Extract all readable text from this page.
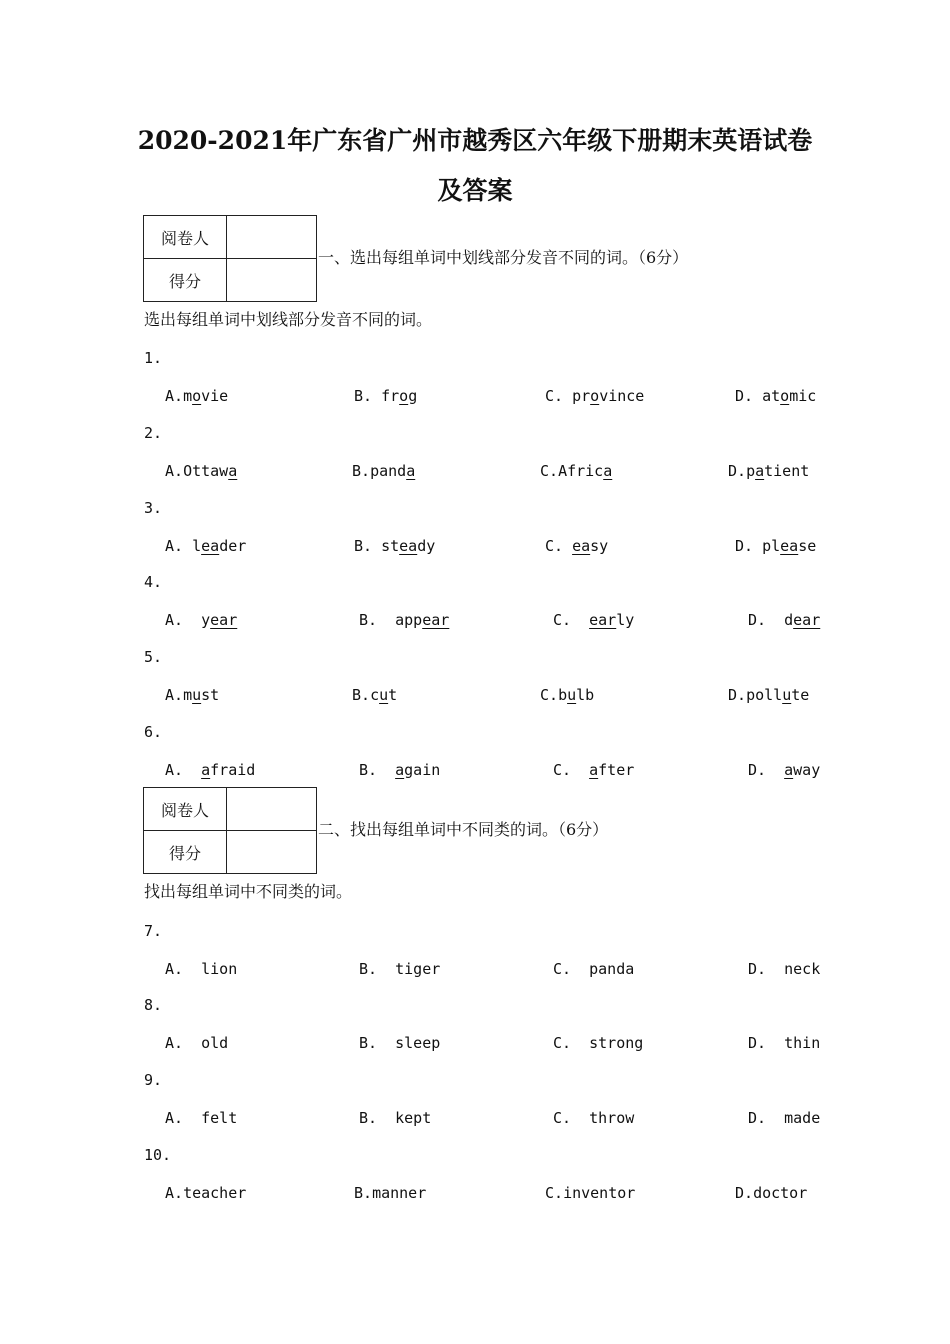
2020-2021年广东省广州市越秀区六年级下册期末英语试卷
及答案
阅卷人	
得分	
一、选出每组单词中划线部分发音不同的词。（6分）
选出每组单词中划线部分发音不同的词。
1.
A.movie	B. frog	C. province	D. atomic
2.
A.Ottawa	B.panda	C.Africa	D.patient
3.
A. leader	B. steady	C. easy	D. please
4.
A. year	B. appear	C. early	D. dear
5.
A.must	B.cut	C.bulb	D.pollute
6.
A. afraid	B. again	C. after	D. away
阅卷人	
得分	
二、找出每组单词中不同类的词。（6分）
找出每组单词中不同类的词。
7.
A. lion	B. tiger	C. panda	D. neck
8.
A. old	B. sleep	C. strong	D. thin
9.
A. felt	B. kept	C. throw	D. made
10.
A.teacher	B.manner	C.inventor	D.doctor
